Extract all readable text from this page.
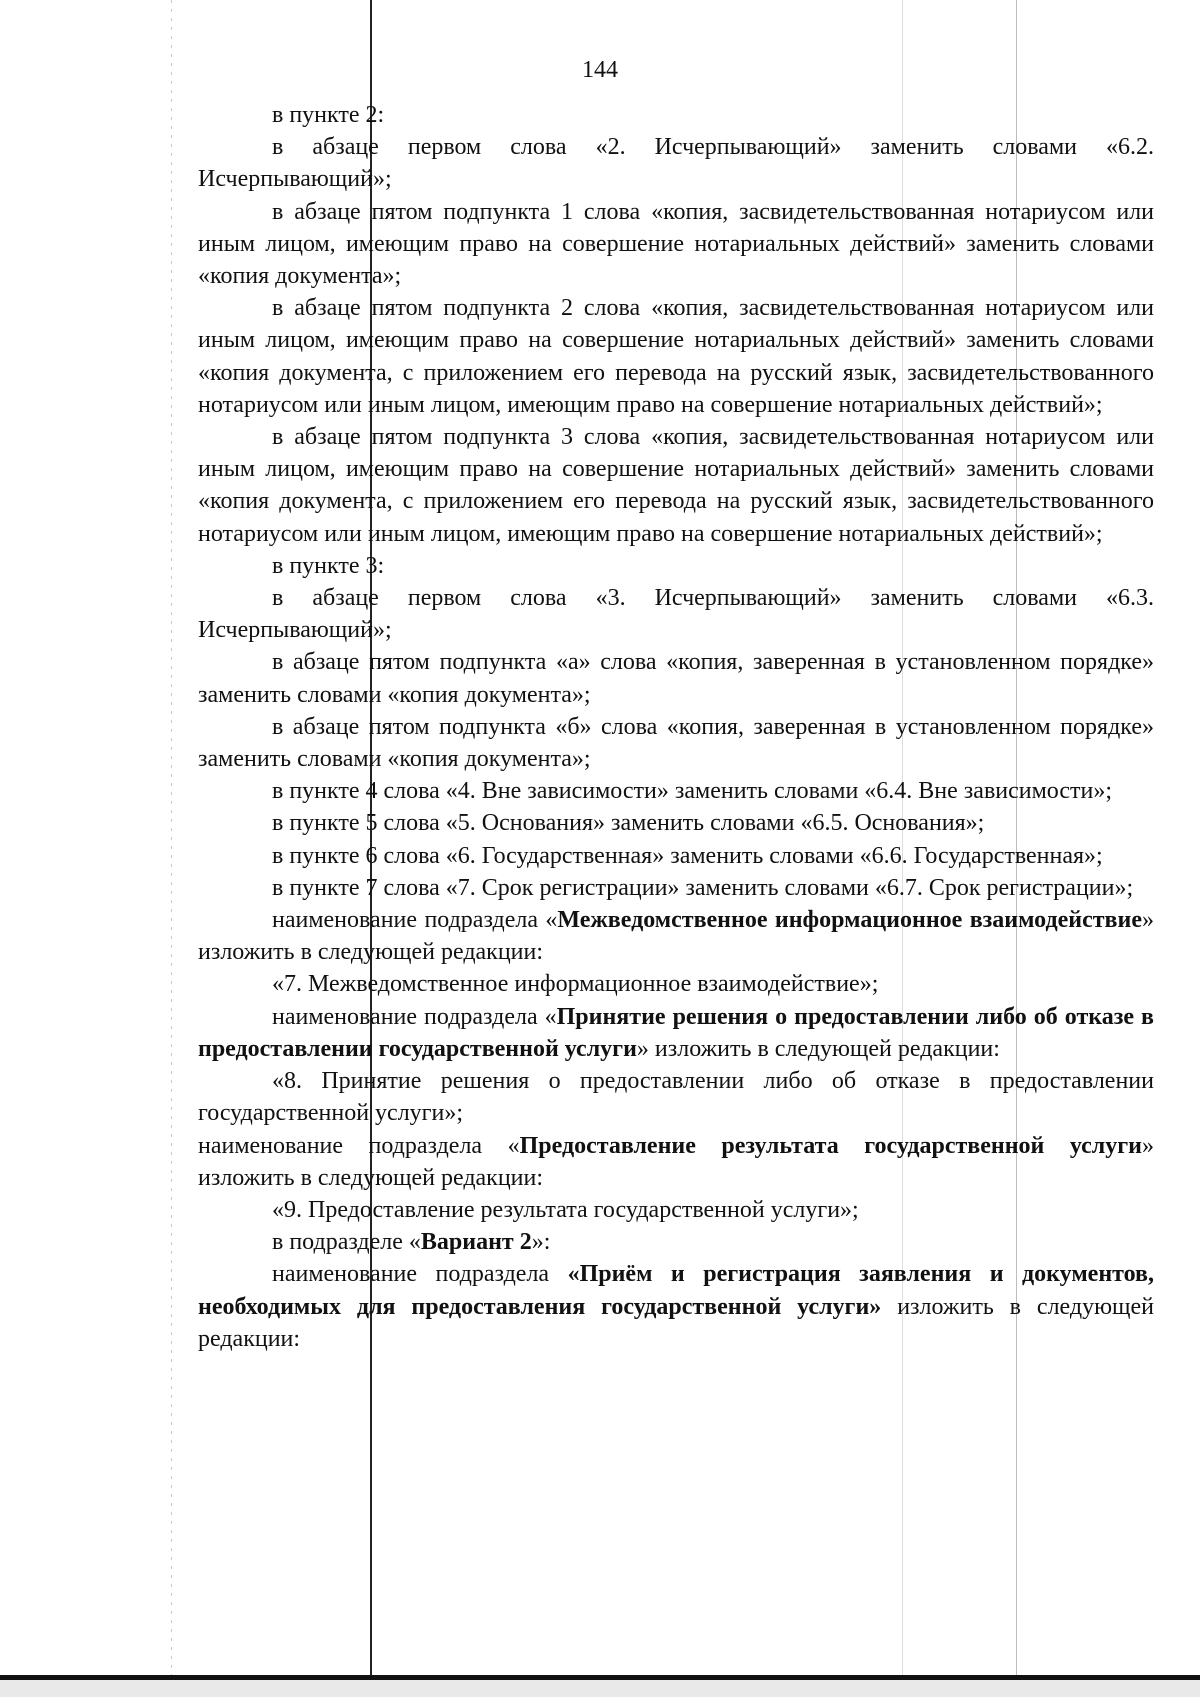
144

в пункте 2:

в абзаце первом слова «2. Исчерпывающий» заменить словами «6.2. Исчерпывающий»;

в абзаце пятом подпункта 1 слова «копия, засвидетельствованная нотариусом или иным лицом, имеющим право на совершение нотариальных действий» заменить словами «копия документа»;

в абзаце пятом подпункта 2 слова «копия, засвидетельствованная нотариусом или иным лицом, имеющим право на совершение нотариальных действий» заменить словами «копия документа, с приложением его перевода на русский язык, засвидетельствованного нотариусом или иным лицом, имеющим право на совершение нотариальных действий»;

в абзаце пятом подпункта 3 слова «копия, засвидетельствованная нотариусом или иным лицом, имеющим право на совершение нотариальных действий» заменить словами «копия документа, с приложением его перевода на русский язык, засвидетельствованного нотариусом или иным лицом, имеющим право на совершение нотариальных действий»;

в пункте 3:

в абзаце первом слова «3. Исчерпывающий» заменить словами «6.3. Исчерпывающий»;

в абзаце пятом подпункта «а» слова «копия, заверенная в установленном порядке» заменить словами «копия документа»;

в абзаце пятом подпункта «б» слова «копия, заверенная в установленном порядке» заменить словами «копия документа»;

в пункте 4 слова «4. Вне зависимости» заменить словами «6.4. Вне зависимости»;

в пункте 5 слова «5. Основания» заменить словами «6.5. Основания»;

в пункте 6 слова «6. Государственная» заменить словами «6.6. Государственная»;

в пункте 7 слова «7. Срок регистрации» заменить словами «6.7. Срок регистрации»;

наименование подраздела «Межведомственное информационное взаимодействие» изложить в следующей редакции:

«7. Межведомственное информационное взаимодействие»;

наименование подраздела «Принятие решения о предоставлении либо об отказе в предоставлении государственной услуги» изложить в следующей редакции:

«8. Принятие решения о предоставлении либо об отказе в предоставлении государственной услуги»;

наименование подраздела «Предоставление результата государственной услуги» изложить в следующей редакции:

«9. Предоставление результата государственной услуги»;

в подразделе «Вариант 2»:

наименование подраздела «Приём и регистрация заявления и документов, необходимых для предоставления государственной услуги» изложить в следующей редакции:
